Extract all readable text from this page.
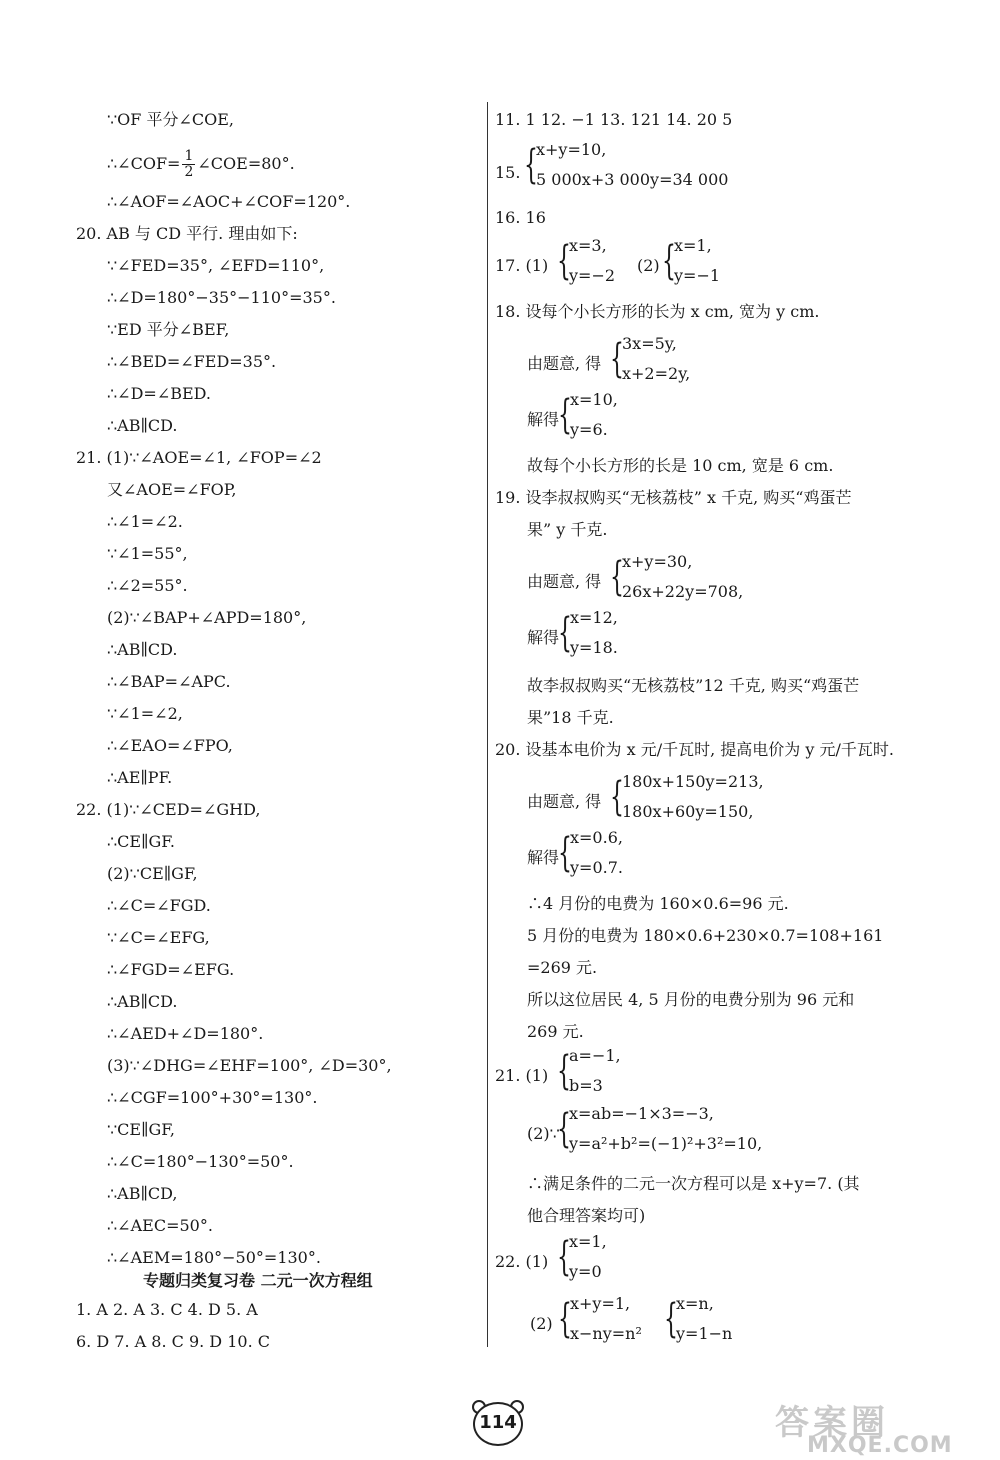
∵OF 平分∠COE,
∴∠AOF=∠AOC+∠COF=120°.
20. AB 与 CD 平行. 理由如下:
∵∠FED=35°, ∠EFD=110°,
∴∠D=180°−35°−110°=35°.
∵ED 平分∠BEF,
∴∠BED=∠FED=35°.
∴∠D=∠BED.
∴AB∥CD.
21. (1)∵∠AOE=∠1, ∠FOP=∠2
又∠AOE=∠FOP,
∴∠1=∠2.
∵∠1=55°,
∴∠2=55°.
(2)∵∠BAP+∠APD=180°,
∴AB∥CD.
∴∠BAP=∠APC.
∵∠1=∠2,
∴∠EAO=∠FPO,
∴AE∥PF.
22. (1)∵∠CED=∠GHD,
∴CE∥GF.
(2)∵CE∥GF,
∴∠C=∠FGD.
∵∠C=∠EFG,
∴∠FGD=∠EFG.
∴AB∥CD.
∴∠AED+∠D=180°.
(3)∵∠DHG=∠EHF=100°, ∠D=30°,
∴∠CGF=100°+30°=130°.
∵CE∥GF,
∴∠C=180°−130°=50°.
∴AB∥CD,
∴∠AEC=50°.
∴∠AEM=180°−50°=130°.
1. A 2. A 3. C 4. D 5. A
6. D 7. A 8. C 9. D 10. C
∴∠COF= $\frac{1}{2}$ ∠COE=80°.
专题归类复习卷 二元一次方程组
11. 1 12. −1 13. 121 14. 20 5
15.
16. 16
17. (1)	(2)
18. 设每个小长方形的长为 x cm, 宽为 y cm.
由题意, 得
解得
故每个小长方形的长是 10 cm, 宽是 6 cm.
19. 设李叔叔购买“无核荔枝” x 千克, 购买“鸡蛋芒
果” y 千克.
由题意, 得
解得
故李叔叔购买“无核荔枝”12 千克, 购买“鸡蛋芒
果”18 千克.
20. 设基本电价为 x 元/千瓦时, 提高电价为 y 元/千瓦时.
由题意, 得
解得
∴4 月份的电费为 160×0.6=96 元.
5 月份的电费为 180×0.6+230×0.7=108+161
=269 元.
所以这位居民 4, 5 月份的电费分别为 96 元和
269 元.
21. (1)
(2)∵
∴满足条件的二元一次方程可以是 x+y=7. (其
他合理答案均可)
22. (1)
(2)
{
x+y=10,
5 000x+3 000y=34 000
{
x=3,
y=−2 {
x=1,
y=−1
{
3x=5y,
x+2=2y,
{
x=10,
y=6.
{
x+y=30,
26x+22y=708,
{
x=12,
y=18.
{
180x+150y=213,
180x+60y=150,
{
x=0.6,
y=0.7.
{
a=−1,
b=3
{
x=ab=−1×3=−3,
y=a²+b²=(−1)²+3²=10,
{
x=1,
y=0
{
x+y=1,
x−ny=n² {
x=n,
y=1−n
114	答案圈
MXQE.COM
